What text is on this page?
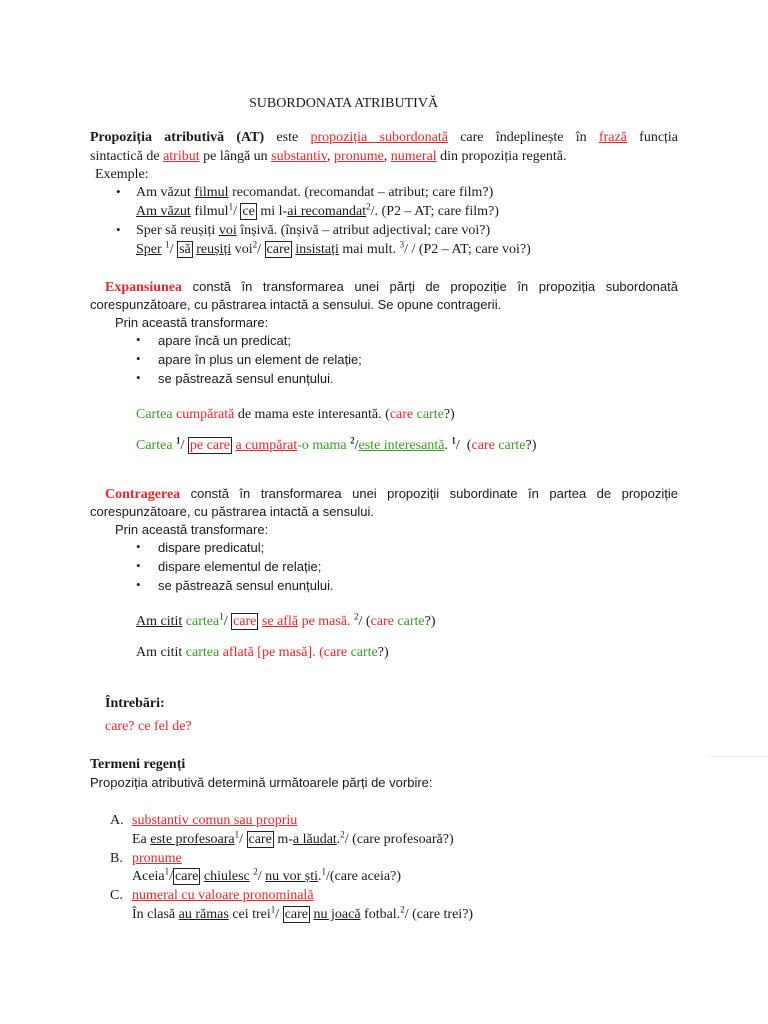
SUBORDONATA ATRIBUTIVĂ
Propoziția atributivă (AT) este propoziția subordonată care îndeplinește în frază funcția
sintactică de atribut pe lângă un substantiv, pronume, numeral din propoziția regentă.
Exemple:
• Am văzut filmul recomandat. (recomandat – atribut; care film?)
Am văzut filmul$^1$/ ce mi l-ai recomandat$^2$/. (P2 – AT; care film?)
• Sper să reușiți voi înșivă. (înșivă – atribut adjectival; care voi?)
Sper $^1$/ să reușiți voi$^2$/ care insistați mai mult. $^3$/ / (P2 – AT; care voi?)
Expansiunea constă în transformarea unei părți de propoziție în propoziția subordonată
corespunzătoare, cu păstrarea intactă a sensului. Se opune contragerii.
Prin această transformare:
• apare încă un predicat;
• apare în plus un element de relație;
• se păstrează sensul enunțului.
Cartea cumpărată de mama este interesantă. (care carte?)
Cartea $^1$/ pe care a cumpărat-o mama $^2$/este interesantă. $^1$/  (care carte?)
Contragerea constă în transformarea unei propoziții subordinate în partea de propoziție
corespunzătoare, cu păstrarea intactă a sensului.
Prin această transformare:
• dispare predicatul;
• dispare elementul de relație;
• se păstrează sensul enunțului.
Am citit cartea$^1$/ care se află pe masă. $^2$/ (care carte?)
Am citit cartea aflată [pe masă]. (care carte?)
Întrebări:
care? ce fel de?
Termeni regenți
Propoziția atributivă determină următoarele părți de vorbire:
A. substantiv comun sau propriu
Ea este profesoara$^1$/ care m-a lăudat.$^2$/ (care profesoară?)
B. pronume
Aceia$^1$/ care chiulesc $^2$/ nu vor ști.$^1$/(care aceia?)
C. numeral cu valoare pronominală
În clasă au rămas cei trei$^1$/ care nu joacă fotbal.$^2$/ (care trei?)
